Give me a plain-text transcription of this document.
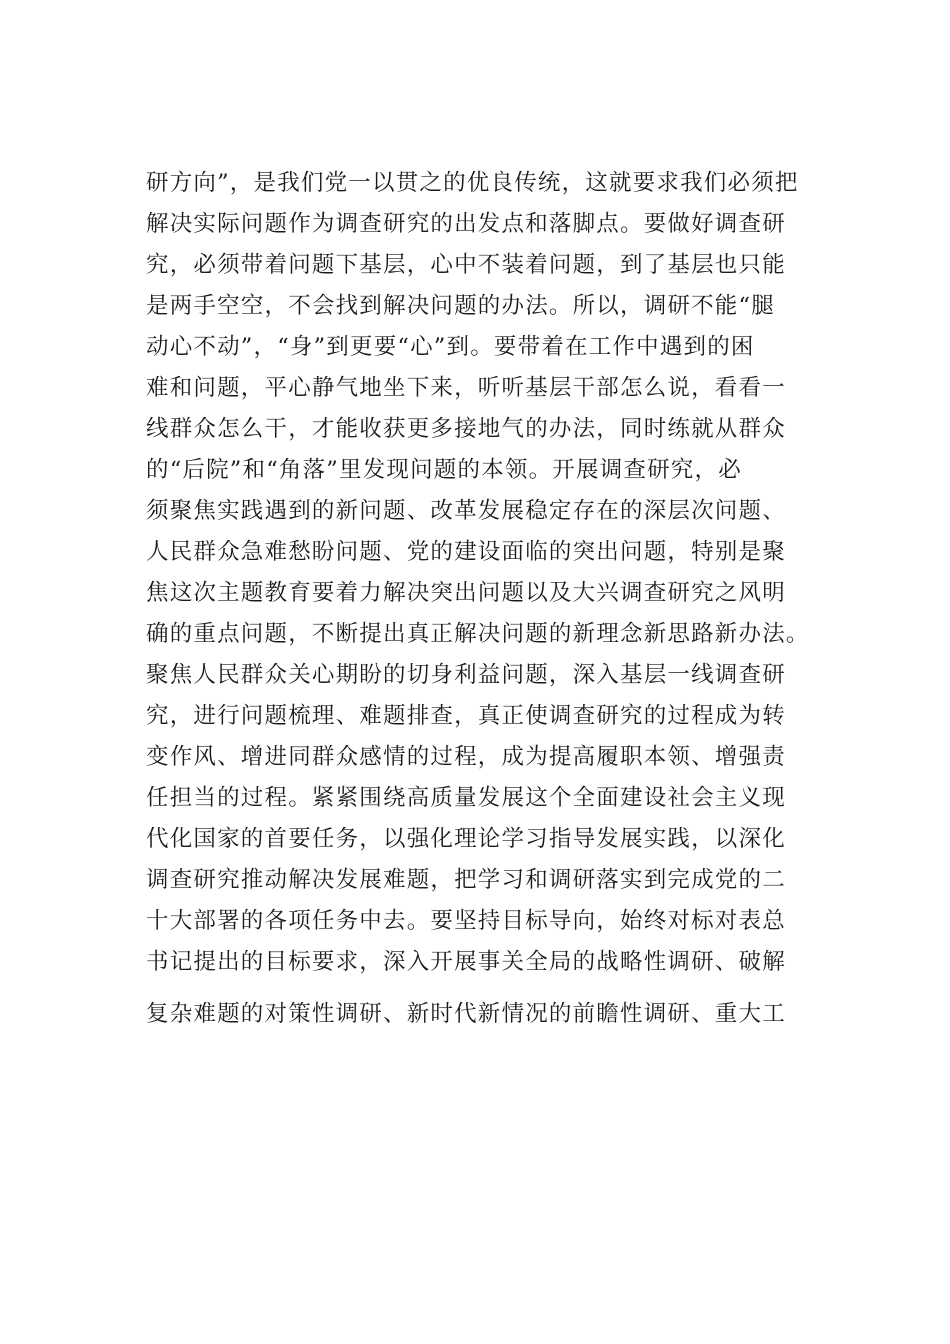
研方向”，是我们党一以贯之的优良传统，这就要求我们必须把
解决实际问题作为调查研究的出发点和落脚点。要做好调查研
究，必须带着问题下基层，心中不装着问题，到了基层也只能
是两手空空，不会找到解决问题的办法。所以，调研不能“腿
动心不动”，“身”到更要“心”到。要带着在工作中遇到的困
难和问题，平心静气地坐下来，听听基层干部怎么说，看看一
线群众怎么干，才能收获更多接地气的办法，同时练就从群众
的“后院”和“角落”里发现问题的本领。开展调查研究，必
须聚焦实践遇到的新问题、改革发展稳定存在的深层次问题、
人民群众急难愁盼问题、党的建设面临的突出问题，特别是聚
焦这次主题教育要着力解决突出问题以及大兴调查研究之风明
确的重点问题，不断提出真正解决问题的新理念新思路新办法。
聚焦人民群众关心期盼的切身利益问题，深入基层一线调查研
究，进行问题梳理、难题排查，真正使调查研究的过程成为转
变作风、增进同群众感情的过程，成为提高履职本领、增强责
任担当的过程。紧紧围绕高质量发展这个全面建设社会主义现
代化国家的首要任务，以强化理论学习指导发展实践，以深化
调查研究推动解决发展难题，把学习和调研落实到完成党的二
十大部署的各项任务中去。要坚持目标导向，始终对标对表总
书记提出的目标要求，深入开展事关全局的战略性调研、破解
复杂难题的对策性调研、新时代新情况的前瞻性调研、重大工
